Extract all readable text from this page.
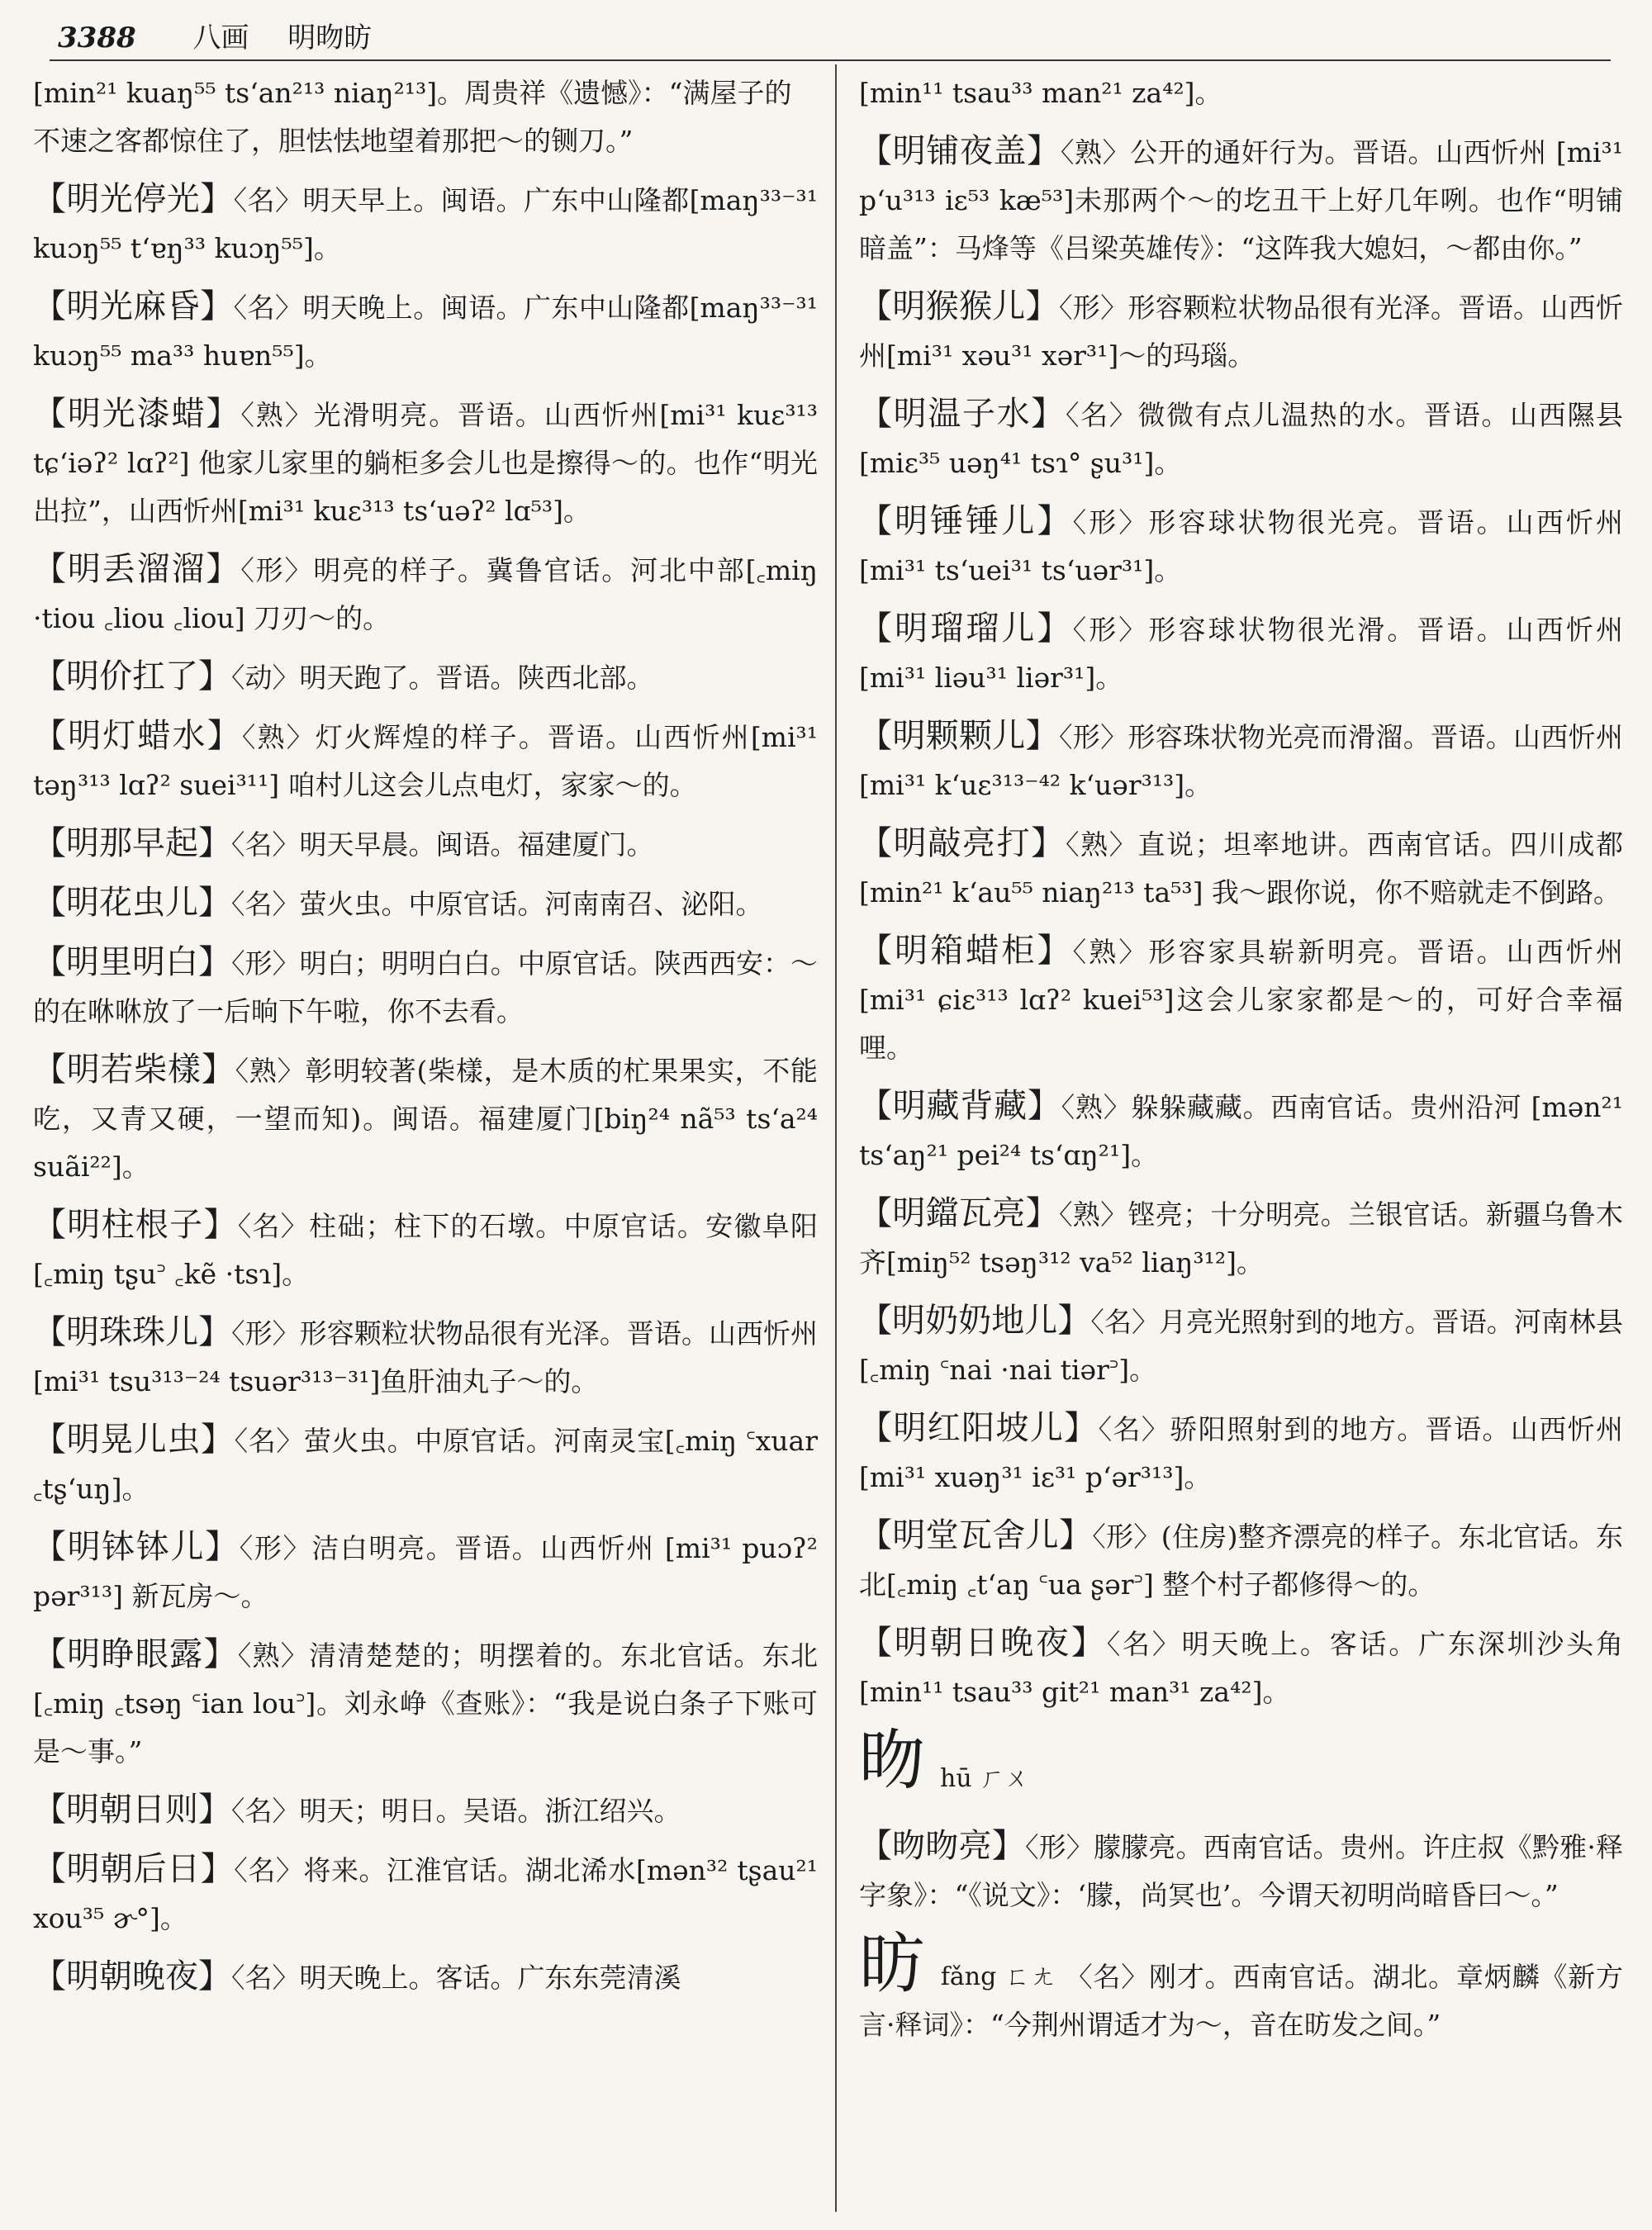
3388 八画 明昒昉

[min²¹ kuaŋ⁵⁵ tsʻan²¹³ niaŋ²¹³]。周贵祥《遗憾》：“满屋子的不速之客都惊住了，胆怯怯地望着那把～的铡刀。”

【明光停光】〈名〉明天早上。闽语。广东中山隆都[maŋ³³⁻³¹ kuɔŋ⁵⁵ tʻɐŋ³³ kuɔŋ⁵⁵]。

【明光麻昏】〈名〉明天晚上。闽语。广东中山隆都[maŋ³³⁻³¹ kuɔŋ⁵⁵ ma³³ huɐn⁵⁵]。

【明光漆蜡】〈熟〉光滑明亮。晋语。山西忻州[mi³¹ kuɛ³¹³ tɕʻiəʔ² lɑʔ²] 他家儿家里的躺柜多会儿也是擦得～的。也作“明光出拉”，山西忻州[mi³¹ kuɛ³¹³ tsʻuəʔ² lɑ⁵³]。

【明丢溜溜】〈形〉明亮的样子。冀鲁官话。河北中部[꜀miŋ ·tiou ꜀liou ꜀liou] 刀刃～的。

【明价扛了】〈动〉明天跑了。晋语。陕西北部。

【明灯蜡水】〈熟〉灯火辉煌的样子。晋语。山西忻州[mi³¹ təŋ³¹³ lɑʔ² suei³¹¹] 咱村儿这会儿点电灯，家家～的。

【明那早起】〈名〉明天早晨。闽语。福建厦门。

【明花虫儿】〈名〉萤火虫。中原官话。河南南召、泌阳。

【明里明白】〈形〉明白；明明白白。中原官话。陕西西安：～的在咻咻放了一后晌下午啦，你不去看。

【明若柴樣】〈熟〉彰明较著(柴樣，是木质的杧果果实，不能吃，又青又硬，一望而知)。闽语。福建厦门[biŋ²⁴ nã⁵³ tsʻa²⁴ suãi²²]。

【明柱根子】〈名〉柱础；柱下的石墩。中原官话。安徽阜阳[꜀miŋ tʂu꜄ ꜀kẽ ·tsɿ]。

【明珠珠儿】〈形〉形容颗粒状物品很有光泽。晋语。山西忻州[mi³¹ tsu³¹³⁻²⁴ tsuər³¹³⁻³¹]鱼肝油丸子～的。

【明晃儿虫】〈名〉萤火虫。中原官话。河南灵宝[꜀miŋ ꜂xuar ꜀tʂʻuŋ]。

【明钵钵儿】〈形〉洁白明亮。晋语。山西忻州 [mi³¹ puɔʔ² pər³¹³] 新瓦房～。

【明睁眼露】〈熟〉清清楚楚的；明摆着的。东北官话。东北 [꜀miŋ ꜀tsəŋ ꜂ian lou꜄]。刘永峥《查账》：“我是说白条子下账可是～事。”

【明朝日则】〈名〉明天；明日。吴语。浙江绍兴。

【明朝后日】〈名〉将来。江淮官话。湖北浠水[mən³² tʂau²¹ xou³⁵ ɚ°]。

【明朝晚夜】〈名〉明天晚上。客话。广东东莞清溪

[min¹¹ tsau³³ man²¹ za⁴²]。

【明铺夜盖】〈熟〉公开的通奸行为。晋语。山西忻州 [mi³¹ pʻu³¹³ iɛ⁵³ kæ⁵³]未那两个～的圪丑干上好几年咧。也作“明铺暗盖”：马烽等《吕梁英雄传》：“这阵我大媳妇，～都由你。”

【明猴猴儿】〈形〉形容颗粒状物品很有光泽。晋语。山西忻州[mi³¹ xəu³¹ xər³¹]～的玛瑙。

【明温子水】〈名〉微微有点儿温热的水。晋语。山西隰县 [miɛ³⁵ uəŋ⁴¹ tsɿ° ʂu³¹]。

【明锤锤儿】〈形〉形容球状物很光亮。晋语。山西忻州[mi³¹ tsʻuei³¹ tsʻuər³¹]。

【明瑠瑠儿】〈形〉形容球状物很光滑。晋语。山西忻州[mi³¹ liəu³¹ liər³¹]。

【明颗颗儿】〈形〉形容珠状物光亮而滑溜。晋语。山西忻州 [mi³¹ kʻuɛ³¹³⁻⁴² kʻuər³¹³]。

【明敲亮打】〈熟〉直说；坦率地讲。西南官话。四川成都 [min²¹ kʻau⁵⁵ niaŋ²¹³ ta⁵³] 我～跟你说，你不赔就走不倒路。

【明箱蜡柜】〈熟〉形容家具崭新明亮。晋语。山西忻州[mi³¹ ɕiɛ³¹³ lɑʔ² kuei⁵³]这会儿家家都是～的，可好合幸福哩。

【明藏背藏】〈熟〉躲躲藏藏。西南官话。贵州沿河 [mən²¹ tsʻaŋ²¹ pei²⁴ tsʻɑŋ²¹]。

【明鐺瓦亮】〈熟〉铿亮；十分明亮。兰银官话。新疆乌鲁木齐[miŋ⁵² tsəŋ³¹² va⁵² liaŋ³¹²]。

【明奶奶地儿】〈名〉月亮光照射到的地方。晋语。河南林县[꜀miŋ ꜂nai ·nai tiər꜄]。

【明红阳坡儿】〈名〉骄阳照射到的地方。晋语。山西忻州 [mi³¹ xuəŋ³¹ iɛ³¹ pʻər³¹³]。

【明堂瓦舍儿】〈形〉(住房)整齐漂亮的样子。东北官话。东北[꜀miŋ ꜀tʻaŋ ꜂ua ʂər꜄] 整个村子都修得～的。

【明朝日晚夜】〈名〉明天晚上。客话。广东深圳沙头角 [min¹¹ tsau³³ git²¹ man³¹ za⁴²]。

昒hū ㄏㄨ

【昒昒亮】〈形〉朦朦亮。西南官话。贵州。许庄叔《黔雅·释字象》：“《说文》：‘朦，尚冥也’。今谓天初明尚暗昏曰～。”

昉fǎng ㄈㄤ 〈名〉刚才。西南官话。湖北。章炳麟《新方言·释词》：“今荆州谓适才为～，音在昉发之间。”
